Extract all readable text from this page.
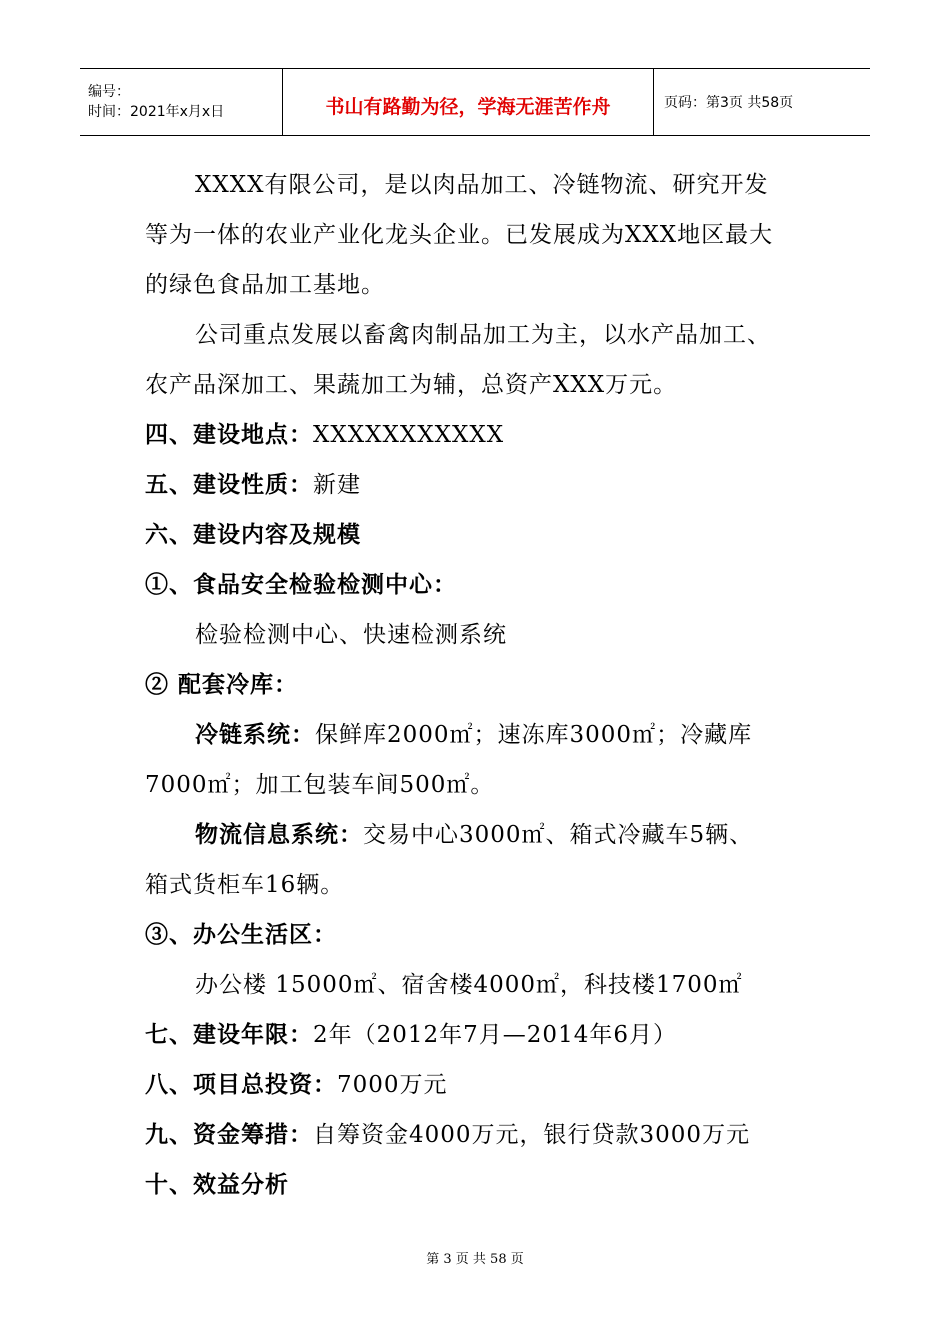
编号：
时间：2021年x月x日	书山有路勤为径，学海无涯苦作舟	页码：第3页 共58页
XXXX有限公司，是以肉品加工、冷链物流、研究开发
等为一体的农业产业化龙头企业。已发展成为XXX地区最大
的绿色食品加工基地。
公司重点发展以畜禽肉制品加工为主，以水产品加工、
农产品深加工、果蔬加工为辅，总资产XXX万元。
四、建设地点：XXXXXXXXXXX
五、建设性质：新建
六、建设内容及规模
①、食品安全检验检测中心：
检验检测中心、快速检测系统
② 配套冷库：
冷链系统：保鲜库2000㎡；速冻库3000㎡；冷藏库
7000㎡；加工包装车间500㎡。
物流信息系统：交易中心3000㎡、箱式冷藏车5辆、
箱式货柜车16辆。
③、办公生活区：
办公楼 15000㎡、宿舍楼4000㎡，科技楼1700㎡
七、建设年限：2年（2012年7月—2014年6月）
八、项目总投资：7000万元
九、资金筹措：自筹资金4000万元，银行贷款3000万元
十、效益分析
第 3 页 共 58 页
